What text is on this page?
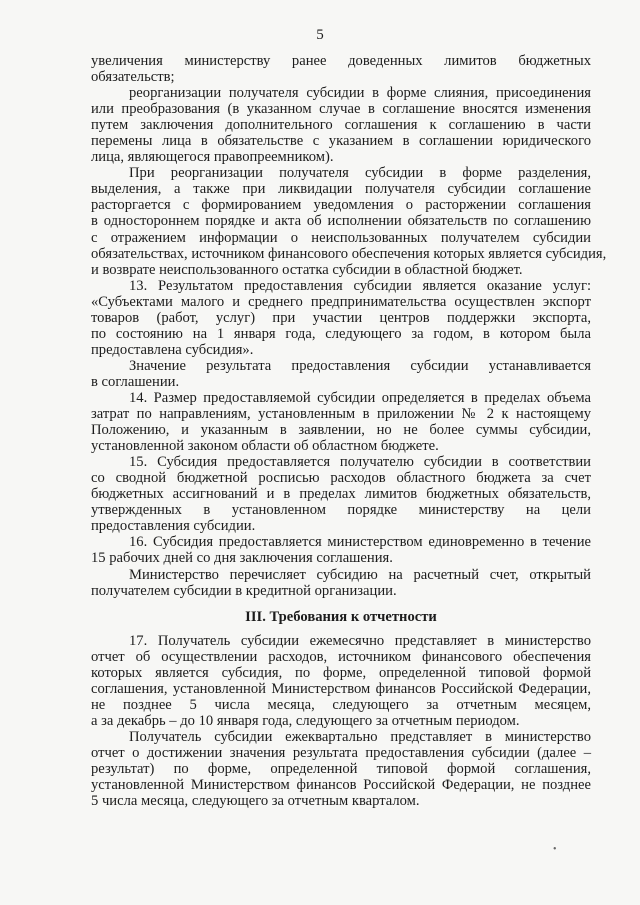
5
увеличения министерству ранее доведенных лимитов бюджетных
обязательств;
реорганизации получателя субсидии в форме слияния, присоединения
или преобразования (в указанном случае в соглашение вносятся изменения
путем заключения дополнительного соглашения к соглашению в части
перемены лица в обязательстве с указанием в соглашении юридического
лица, являющегося правопреемником).
При реорганизации получателя субсидии в форме разделения,
выделения, а также при ликвидации получателя субсидии соглашение
расторгается с формированием уведомления о расторжении соглашения
в одностороннем порядке и акта об исполнении обязательств по соглашению
с отражением информации о неиспользованных получателем субсидии
обязательствах, источником финансового обеспечения которых является субсидия,
и возврате неиспользованного остатка субсидии в областной бюджет.
13. Результатом предоставления субсидии является оказание услуг:
«Субъектами малого и среднего предпринимательства осуществлен экспорт
товаров (работ, услуг) при участии центров поддержки экспорта,
по состоянию на 1 января года, следующего за годом, в котором была
предоставлена субсидия».
Значение результата предоставления субсидии устанавливается
в соглашении.
14. Размер предоставляемой субсидии определяется в пределах объема
затрат по направлениям, установленным в приложении № 2 к настоящему
Положению, и указанным в заявлении, но не более суммы субсидии,
установленной законом области об областном бюджете.
15. Субсидия предоставляется получателю субсидии в соответствии
со сводной бюджетной росписью расходов областного бюджета за счет
бюджетных ассигнований и в пределах лимитов бюджетных обязательств,
утвержденных в установленном порядке министерству на цели
предоставления субсидии.
16. Субсидия предоставляется министерством единовременно в течение
15 рабочих дней со дня заключения соглашения.
Министерство перечисляет субсидию на расчетный счет, открытый
получателем субсидии в кредитной организации.
III. Требования к отчетности
17. Получатель субсидии ежемесячно представляет в министерство
отчет об осуществлении расходов, источником финансового обеспечения
которых является субсидия, по форме, определенной типовой формой
соглашения, установленной Министерством финансов Российской Федерации,
не позднее 5 числа месяца, следующего за отчетным месяцем,
а за декабрь – до 10 января года, следующего за отчетным периодом.
Получатель субсидии ежеквартально представляет в министерство
отчет о достижении значения результата предоставления субсидии (далее –
результат) по форме, определенной типовой формой соглашения,
установленной Министерством финансов Российской Федерации, не позднее
5 числа месяца, следующего за отчетным кварталом.
•
